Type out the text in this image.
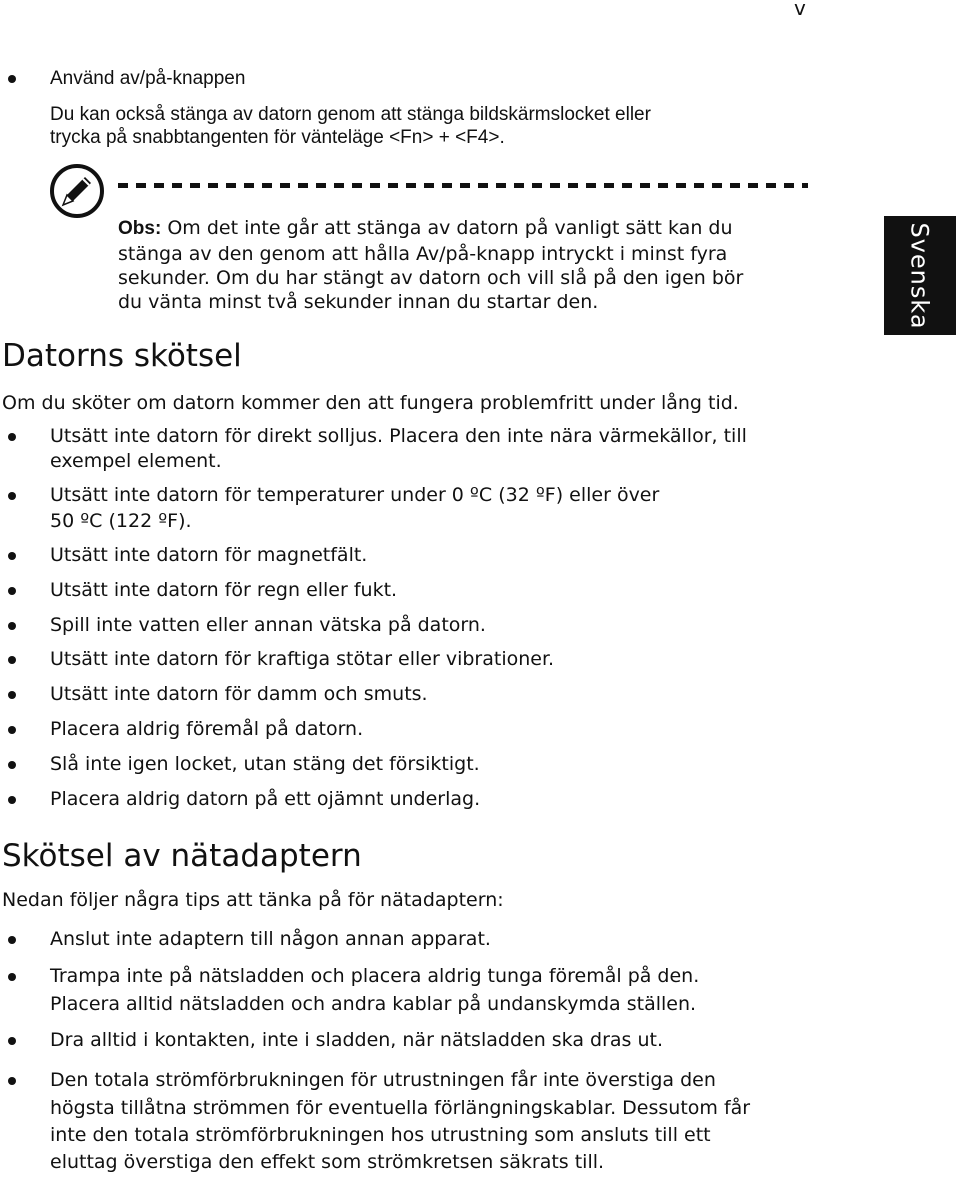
v
Svenska
Använd av/på-knappen
Du kan också stänga av datorn genom att stänga bildskärmslocket eller
trycka på snabbtangenten för vänteläge <Fn> + <F4>.
Obs: Om det inte går att stänga av datorn på vanligt sätt kan du
stänga av den genom att hålla Av/på-knapp intryckt i minst fyra
sekunder. Om du har stängt av datorn och vill slå på den igen bör
du vänta minst två sekunder innan du startar den.
Datorns skötsel
Om du sköter om datorn kommer den att fungera problemfritt under lång tid.
Utsätt inte datorn för direkt solljus. Placera den inte nära värmekällor, till
exempel element.
Utsätt inte datorn för temperaturer under 0 ºC (32 ºF) eller över
50 ºC (122 ºF).
Utsätt inte datorn för magnetfält.
Utsätt inte datorn för regn eller fukt.
Spill inte vatten eller annan vätska på datorn.
Utsätt inte datorn för kraftiga stötar eller vibrationer.
Utsätt inte datorn för damm och smuts.
Placera aldrig föremål på datorn.
Slå inte igen locket, utan stäng det försiktigt.
Placera aldrig datorn på ett ojämnt underlag.
Skötsel av nätadaptern
Nedan följer några tips att tänka på för nätadaptern:
Anslut inte adaptern till någon annan apparat.
Trampa inte på nätsladden och placera aldrig tunga föremål på den.
Placera alltid nätsladden och andra kablar på undanskymda ställen.
Dra alltid i kontakten, inte i sladden, när nätsladden ska dras ut.
Den totala strömförbrukningen för utrustningen får inte överstiga den
högsta tillåtna strömmen för eventuella förlängningskablar. Dessutom får
inte den totala strömförbrukningen hos utrustning som ansluts till ett
eluttag överstiga den effekt som strömkretsen säkrats till.
